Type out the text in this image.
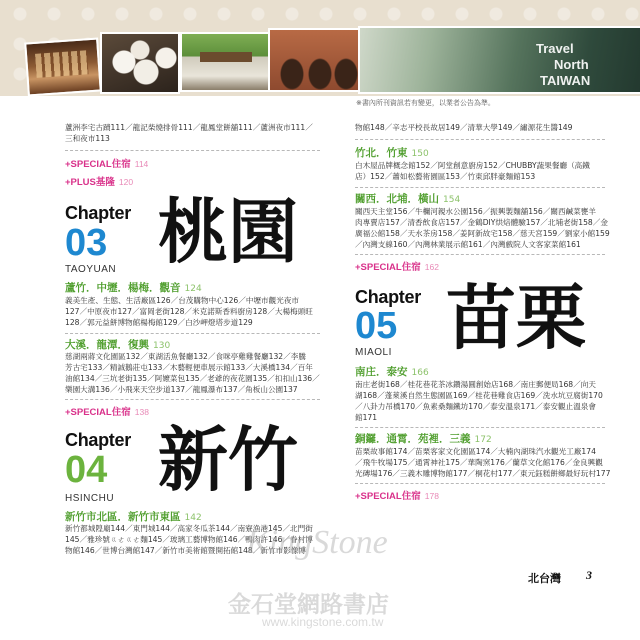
Travel
North
TAIWAN
※書內所刊資訊若有變更，以業者公告為準。
蘆洲李宅古蹟111／龍記柴燒排骨111／龍鳳堂餅舖111／蘆洲夜市111／
三和夜市113
+SPECIAL住宿 114
+PLUS基隆 120
Chapter
03
TAOYUAN 桃園
蘆竹．中壢．楊梅．觀音 124
義美生產、生態、生活廠區126／台茂購物中心126／中壢市觀光夜市
127／中原夜市127／富岡老街128／米克諾斯香料廚房128／大楊梅頭旺
128／郭元益餅博物館楊梅館129／白沙岬燈塔步道129
大溪．龍潭．復興 130
慈湖兩蔣文化園區132／東湖活魚餐廳132／食咪亭雞雞餐廳132／李騰
芳古宅133／精誠鵝莊屯133／木藝輕便車展示館133／大溪橋134／百年
油館134／三坑老街135／阿嬤菜包135／老爺的夜花園135／扣扣山136／
樂園大溝136／小飛來天空步道137／龍鳳瀑布137／角板山公園137
+SPECIAL住宿 138
Chapter
04
HSINCHU 新竹
新竹市北區．新竹市東區 142
新竹都城隍廟144／東門城144／高家冬瓜茶144／南寮漁港145／北門街
145／雅珍號ㄍㄜㄍㄜ麵145／玻璃工藝博物館146／鴨肉許146／眷村博
物館146／世博台灣館147／新竹市美術館暨開拓館148／新竹市影像博
物館148／辛志平校長故居149／清華大學149／繡源花生醬149
竹北．竹東 150
白木屋品牌概念館152／阿堂創意廚房152／CHUBBY蔬果餐廳（高鐵
店）152／蕭如松藝術園區153／竹東邱胖豪麵館153
關西．北埔．橫山 154
關西天主堂156／牛欄河親水公園156／振興製麵舖156／關西鹹菜甕羊
肉專賣店157／清香飲食店157／金鶴DIY烘焙體驗157／北埔老街158／金
廣福公館158／天水茶房158／姜阿新故宅158／慈天宮159／劉家小館159
／內灣支線160／內灣林業展示館161／內灣戲院人文客家菜館161
+SPECIAL住宿 162
Chapter
05
MIAOLI 苗栗
南庄．泰安 166
南庄老街168／桂花巷花茶冰鑽湯圓創始店168／南庄郵便局168／向天
湖168／蓬萊溪自然生態園區169／桂花巷雞食店169／洗水坑豆腐街170
／八卦力吊橋170／魚素桑麵鐵坊170／泰安溫泉171／泰安觀止溫泉會
館171
銅鑼．通霄．苑裡．三義 172
苗栗故事館174／苗栗客家文化園區174／大楠內湖珠汽水觀光工廠174
／飛牛牧場175／通霄神社175／華陶窯176／蘭草文化館176／金良興觀
光磚場176／三義木雕博物館177／桐花村177／東元鈺糕餅鄉最好玩村177
+SPECIAL住宿 178
KingStone
金石堂網路書店
www.kingstone.com.tw
北台灣 3
